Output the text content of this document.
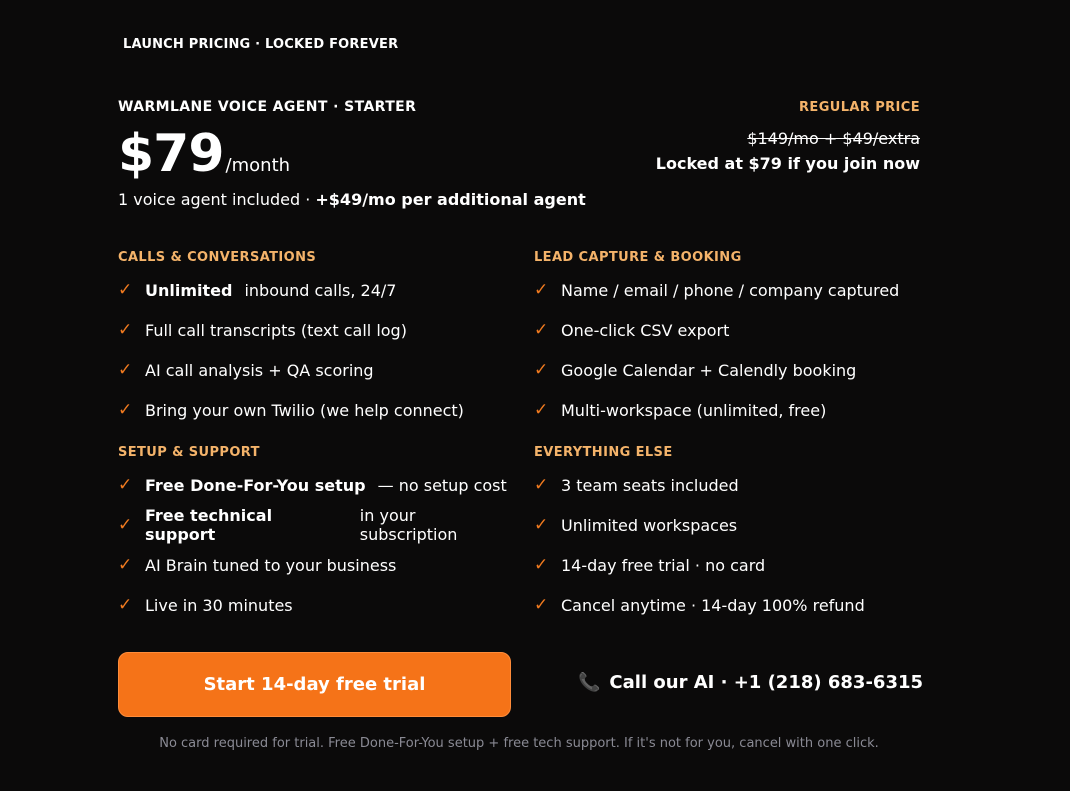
LAUNCH PRICING · LOCKED FOREVER
WARMLANE VOICE AGENT · STARTER
$79 /month
1 voice agent included · +$49/mo per additional agent
REGULAR PRICE
$149/mo + $49/extra
Locked at $79 if you join now
CALLS & CONVERSATIONS
✓ Unlimited inbound calls, 24/7
✓ Full call transcripts (text call log)
✓ AI call analysis + QA scoring
✓ Bring your own Twilio (we help connect)
LEAD CAPTURE & BOOKING
✓ Name / email / phone / company captured
✓ One-click CSV export
✓ Google Calendar + Calendly booking
✓ Multi-workspace (unlimited, free)
SETUP & SUPPORT
✓ Free Done-For-You setup — no setup cost
✓ Free technical support
in your subscription
✓ AI Brain tuned to your business
✓ Live in 30 minutes
EVERYTHING ELSE
✓ 3 team seats included
✓ Unlimited workspaces
✓ 14-day free trial · no card
✓ Cancel anytime · 14-day 100% refund
Start 14-day free trial	📞 Call our AI · +1 (218) 683-6315
No card required for trial. Free Done-For-You setup + free tech support. If it's not for you, cancel with one click.
